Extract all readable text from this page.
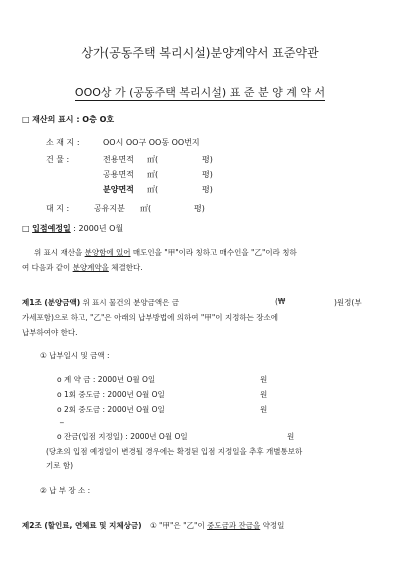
상가(공동주택 복리시설)분양계약서 표준약관
OOO상 가 (공동주택 복리시설) 표 준 분 양 계 약 서
□ 재산의 표시 : O층 O호
소 재 지 :	OO시 OO구 OO동 OO번지
건 물 :	전용면적 ㎡(	평)
공용면적 ㎡(	평)
분양면적 ㎡(	평)
대 지 :	공유지분 ㎡(	평)
□ 입점예정일 : 2000년 O월
위 표시 재산을 분양함에 있어 매도인을 "甲"이라 칭하고 매수인을 "乙"이라 칭하
여 다음과 같이 분양계약을 체결한다.
제1조 (분양금액) 위 표시 물건의 분양금액은 금	(₩	)원정(부
가세포함)으로 하고, "乙"은 아래의 납부방법에 의하여 "甲"이 지정하는 장소에
납부하여야 한다.
① 납부일시 및 금액 :
o 계 약 금 : 2000년 O월 O일	원
o 1회 중도금 : 2000년 O월 O일	원
o 2회 중도금 : 2000년 O월 O일	원
_
o 잔금(입점 지정일) : 2000년 O월 O일	원
(당초의 입점 예정일이 변경될 경우에는 확정된 입점 지정일을 추후 개별통보하
기로 함)
② 납 부 장 소 :
제2조 (할인료, 연체료 및 지체상금) ① "甲"은 "乙"이 중도금과 잔금을 약정일
